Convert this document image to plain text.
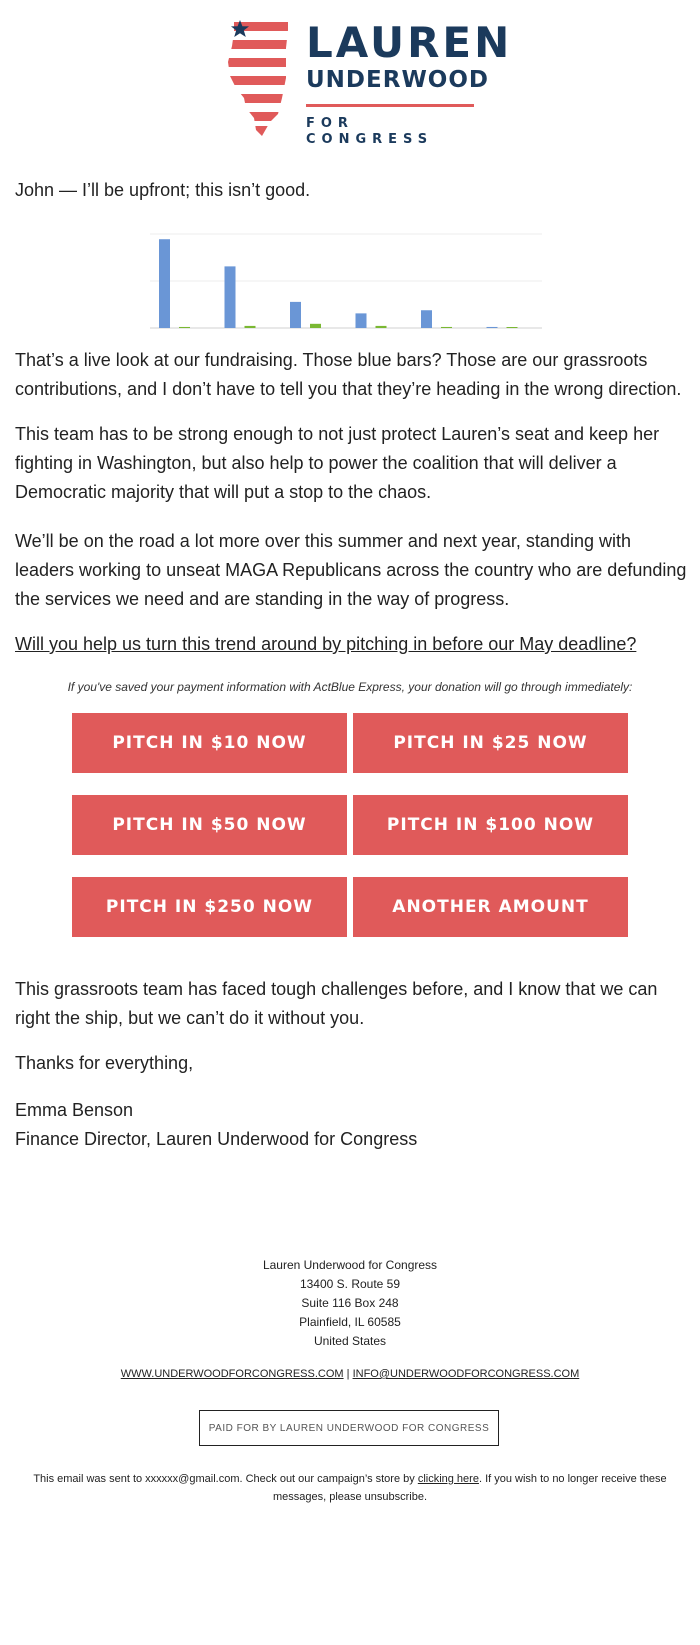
LAUREN
UNDERWOOD
FOR CONGRESS

John — I’ll be upfront; this isn’t good.

That’s a live look at our fundraising. Those blue bars? Those are our grassroots contributions, and I don’t have to tell you that they’re heading in the wrong direction.

This team has to be strong enough to not just protect Lauren’s seat and keep her fighting in Washington, but also help to power the coalition that will deliver a Democratic majority that will put a stop to the chaos.

We’ll be on the road a lot more over this summer and next year, standing with leaders working to unseat MAGA Republicans across the country who are defunding the services we need and are standing in the way of progress.

Will you help us turn this trend around by pitching in before our May deadline?

If you've saved your payment information with ActBlue Express, your donation will go through immediately:
PITCH IN $10 NOW	PITCH IN $25 NOW
PITCH IN $50 NOW	PITCH IN $100 NOW
PITCH IN $250 NOW	ANOTHER AMOUNT

This grassroots team has faced tough challenges before, and I know that we can right the ship, but we can’t do it without you.

Thanks for everything,

Emma Benson

Finance Director, Lauren Underwood for Congress

Lauren Underwood for Congress
13400 S. Route 59
Suite 116 Box 248
Plainfield, IL 60585
United States
WWW.UNDERWOODFORCONGRESS.COM | INFO@UNDERWOODFORCONGRESS.COM
PAID FOR BY LAUREN UNDERWOOD FOR CONGRESS
This email was sent to xxxxxx@gmail.com. Check out our campaign’s store by clicking here. If you wish to no longer receive these messages, please unsubscribe.
